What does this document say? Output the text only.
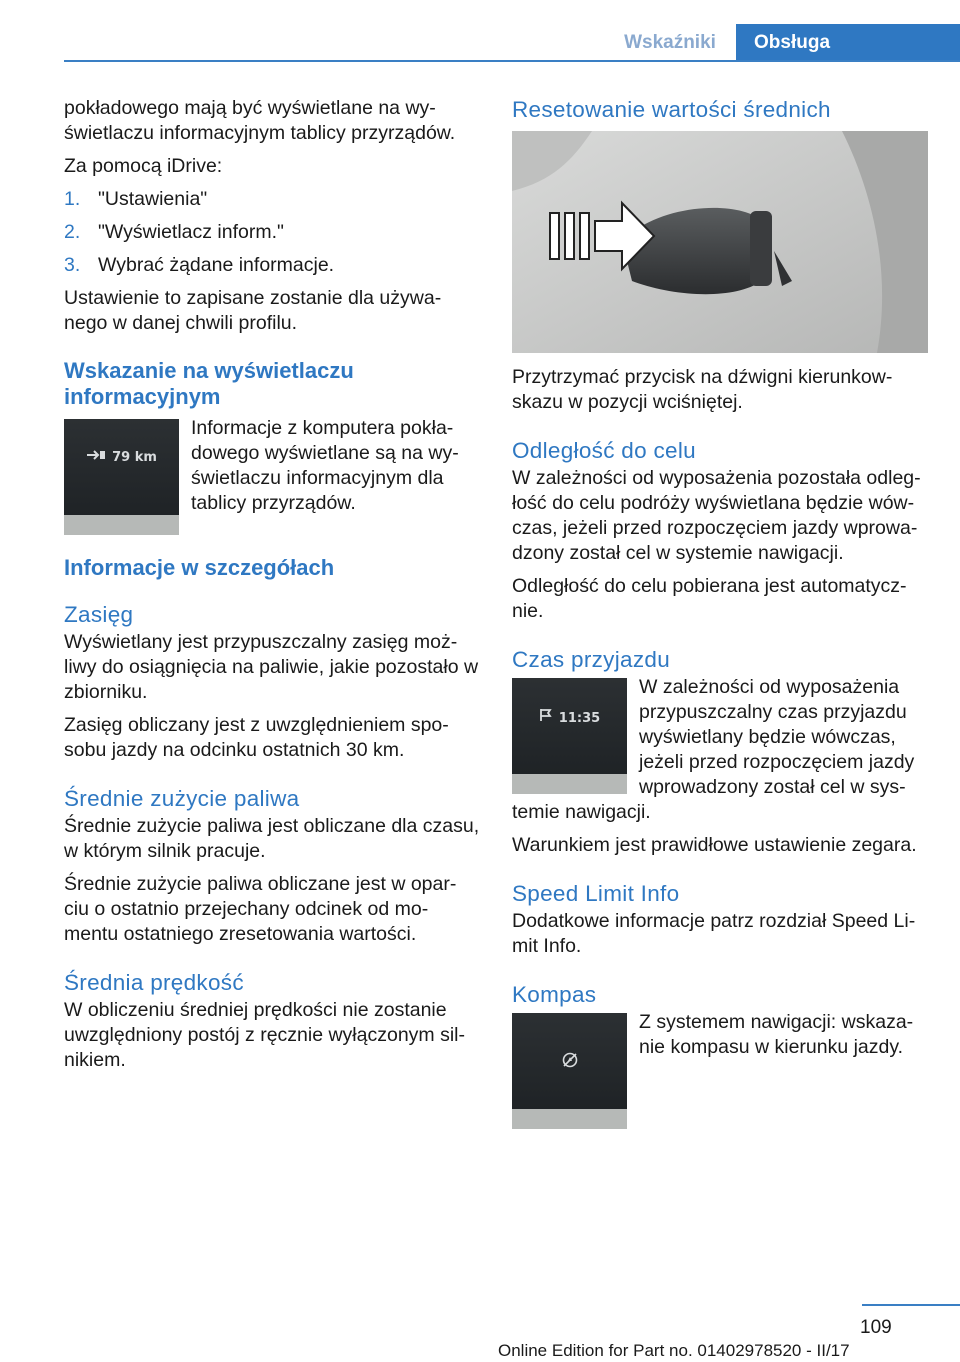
Wskaźniki	Obsługa

pokładowego mają być wyświetlane na wy-świetlaczu informacyjnym tablicy przyrządów.

Za pomocą iDrive:

1. "Ustawienia"
2. "Wyświetlacz inform."
3. Wybrać żądane informacje.

Ustawienie to zapisane zostanie dla używa-nego w danej chwili profilu.

Wskazanie na wyświetlaczu informacyjnym
79 km

Informacje z komputera pokła-dowego wyświetlane są na wy-świetlaczu informacyjnym dla tablicy przyrządów.

Informacje w szczegółach
Zasięg

Wyświetlany jest przypuszczalny zasięg moż-liwy do osiągnięcia na paliwie, jakie pozostało w zbiorniku.

Zasięg obliczany jest z uwzględnieniem spo-sobu jazdy na odcinku ostatnich 30 km.

Średnie zużycie paliwa

Średnie zużycie paliwa jest obliczane dla czasu, w którym silnik pracuje.

Średnie zużycie paliwa obliczane jest w opar-ciu o ostatnio przejechany odcinek od mo-mentu ostatniego zresetowania wartości.

Średnia prędkość

W obliczeniu średniej prędkości nie zostanie uwzględniony postój z ręcznie wyłączonym sil-nikiem.

Resetowanie wartości średnich

Przytrzymać przycisk na dźwigni kierunkow-skazu w pozycji wciśniętej.

Odległość do celu

W zależności od wyposażenia pozostała odleg-łość do celu podróży wyświetlana będzie wów-czas, jeżeli przed rozpoczęciem jazdy wprowa-dzony został cel w systemie nawigacji.

Odległość do celu pobierana jest automatycz-nie.

Czas przyjazdu
11:35

W zależności od wyposażenia przypuszczalny czas przyjazdu wyświetlany będzie wówczas, jeżeli przed rozpoczęciem jazdy wprowadzony został cel w sys-temie nawigacji.

Warunkiem jest prawidłowe ustawienie zegara.

Speed Limit Info

Dodatkowe informacje patrz rozdział Speed Li-mit Info.

Kompas

Z systemem nawigacji: wskaza-nie kompasu w kierunku jazdy.

109
Online Edition for Part no. 01402978520 - II/17
